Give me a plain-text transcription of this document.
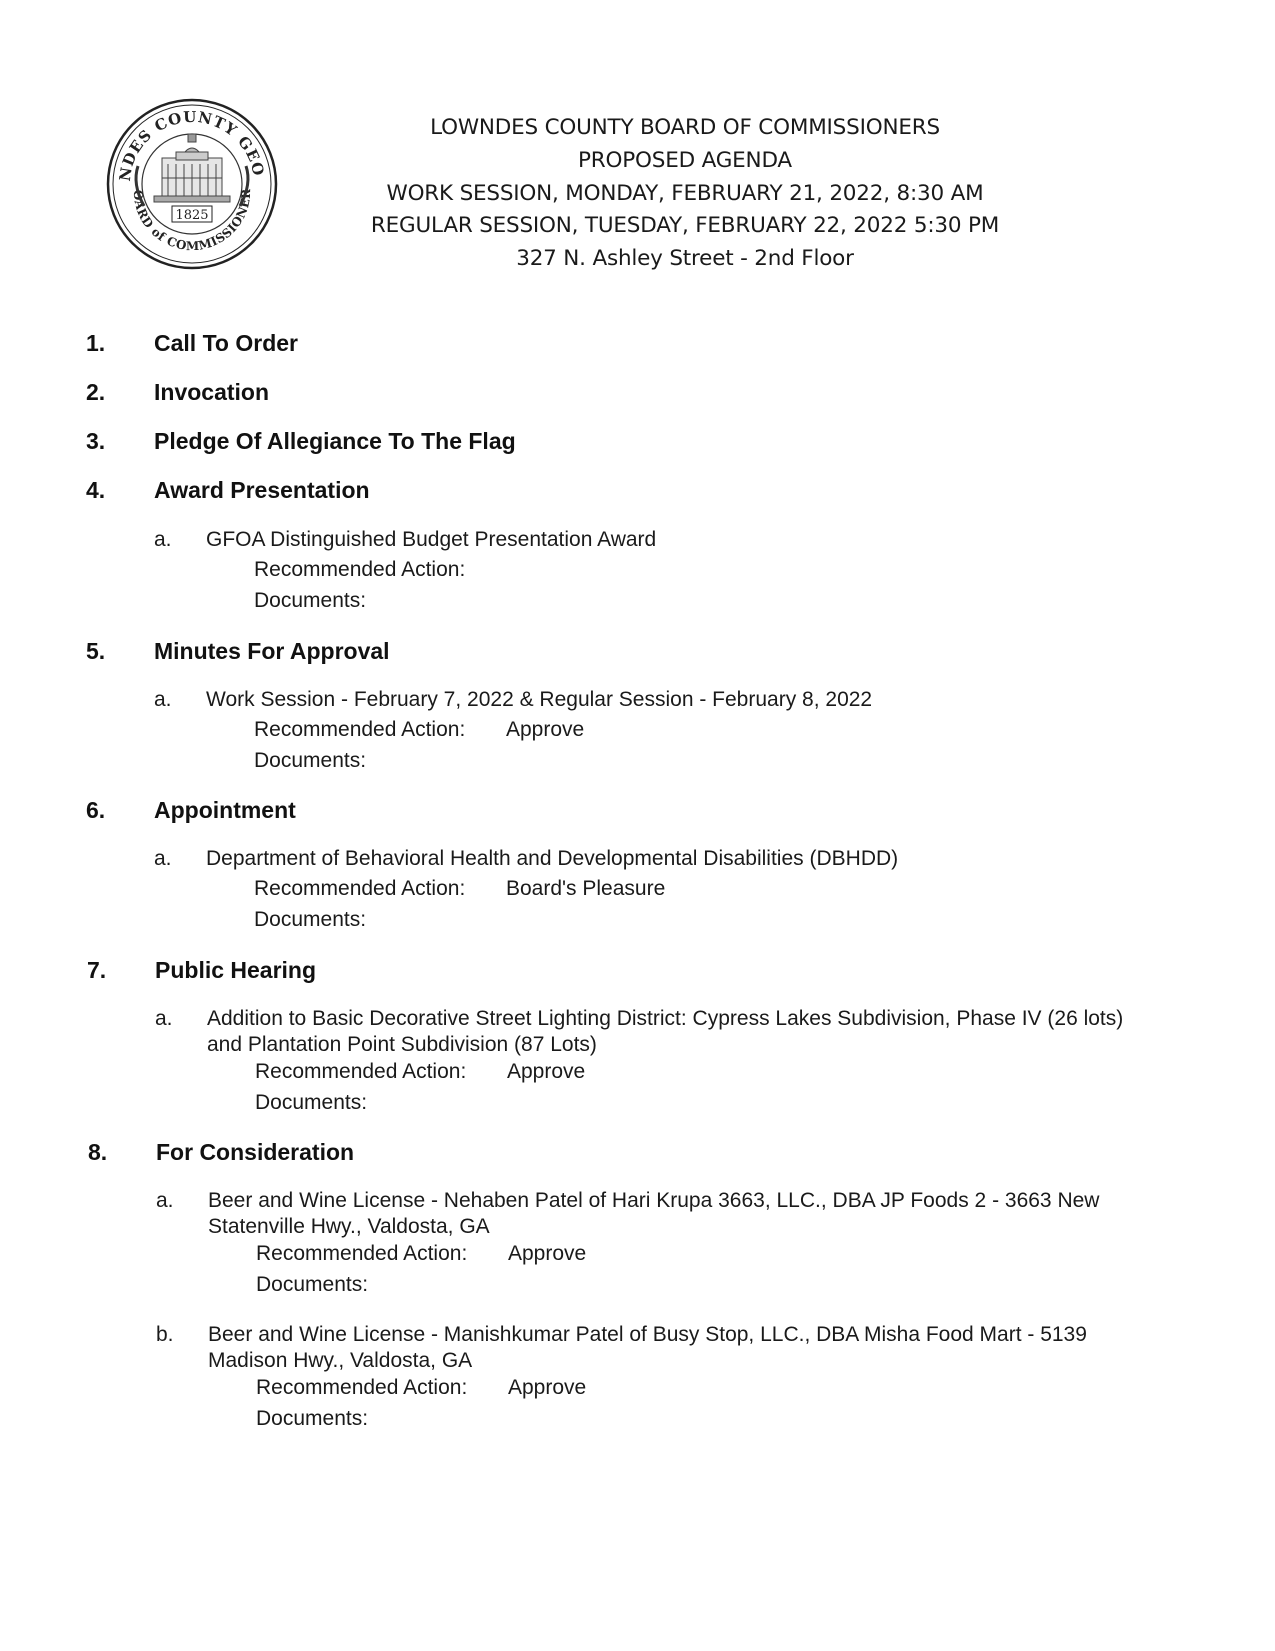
NDES COUNTY GEO
OARD of COMMISSIONER
1825
LOWNDES COUNTY BOARD OF COMMISSIONERS
PROPOSED AGENDA
WORK SESSION, MONDAY, FEBRUARY 21, 2022, 8:30 AM
REGULAR SESSION, TUESDAY, FEBRUARY 22, 2022 5:30 PM
327 N. Ashley Street - 2nd Floor
1. Call To Order
2. Invocation
3. Pledge Of Allegiance To The Flag
4. Award Presentation
a. GFOA Distinguished Budget Presentation Award
Recommended Action:
Documents:
5. Minutes For Approval
a. Work Session - February 7, 2022 & Regular Session - February 8, 2022
Recommended Action: Approve
Documents:
6. Appointment
a. Department of Behavioral Health and Developmental Disabilities (DBHDD)
Recommended Action: Board's Pleasure
Documents:
7. Public Hearing
a. Addition to Basic Decorative Street Lighting District: Cypress Lakes Subdivision, Phase IV (26 lots) and Plantation Point Subdivision (87 Lots)
Recommended Action: Approve
Documents:
8. For Consideration
a. Beer and Wine License - Nehaben Patel of Hari Krupa 3663, LLC., DBA JP Foods 2 - 3663 New Statenville Hwy., Valdosta, GA
Recommended Action: Approve
Documents:
b. Beer and Wine License - Manishkumar Patel of Busy Stop, LLC., DBA Misha Food Mart - 5139 Madison Hwy., Valdosta, GA
Recommended Action: Approve
Documents:
